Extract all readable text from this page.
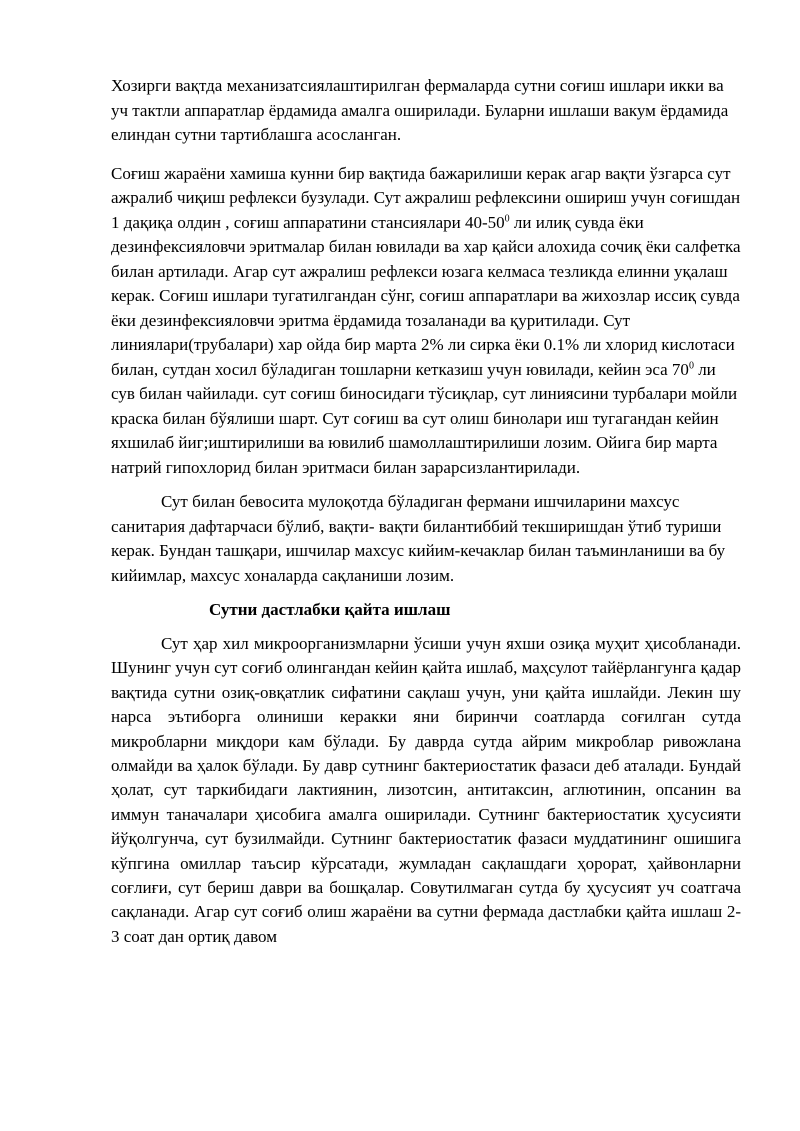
Хозирги вақтда механизатсиялаштирилган фермаларда сутни соғиш ишлари икки ва уч тактли аппаратлар ёрдамида амалга оширилади. Буларни ишлаши вакум ёрдамида елиндан сутни тартиблашга асосланган.

Соғиш жараёни хамиша кунни бир вақтида бажарилиши керак агар вақти ўзгарса сут ажралиб чиқиш рефлекси бузулади. Сут ажралиш рефлексини ошириш учун соғишдан 1 дақиқа олдин , соғиш аппаратини стансиялари $40-50^0$ ли илиқ сувда ёки дезинфексияловчи эритмалар билан ювилади ва хар қайси алохида сочиқ ёки салфетка билан артилади. Агар сут ажралиш рефлекси юзага келмаса тезликда елинни уқалаш керак. Соғиш ишлари тугатилгандан сўнг, соғиш аппаратлари ва жихозлар иссиқ сувда ёки дезинфексияловчи эритма ёрдамида тозаланади ва қуритилади. Сут линиялари(трубалари) хар ойда бир марта 2% ли сирка ёки 0.1% ли хлорид кислотаси билан, сутдан хосил бўладиган тошларни кетказиш учун ювилади, кейин эса $70^0$ ли сув билан чайилади. сут соғиш биносидаги тўсиқлар, сут линиясини турбалари мойли краска билан бўялиши шарт. Сут соғиш ва сут олиш бинолари иш тугагандан кейин яхшилаб йиг;иштирилиши ва ювилиб шамоллаштирилиши лозим. Ойига бир марта натрий гипохлорид билан эритмаси билан зарарсизлантирилади.

Сут билан бевосита мулоқотда бўладиган фермани ишчиларини махсус санитария дафтарчаси бўлиб, вақти- вақти билантиббий текширишдан ўтиб туриши керак. Бундан ташқари, ишчилар махсус кийим-кечаклар билан таъминланиши ва бу кийимлар, махсус хоналарда сақланиши лозим.

Сутни дастлабки қайта ишлаш

Сут ҳар хил микроорганизмларни ўсиши учун яхши озиқа муҳит ҳисобланади. Шунинг учун сут соғиб олингандан кейин қайта ишлаб, маҳсулот тайёрлангунга қадар вақтида сутни озиқ-овқатлик сифатини сақлаш учун, уни қайта ишлайди. Лекин шу нарса эътиборга олиниши керакки яни биринчи соатларда соғилган сутда микробларни миқдори кам бўлади. Бу даврда сутда айрим микроблар ривожлана олмайди ва ҳалок бўлади. Бу давр сутнинг бактериостатик фазаси деб аталади. Бундай ҳолат, сут таркибидаги лактиянин, лизотсин, антитаксин, аглютинин, опсанин ва иммун таначалари ҳисобига амалга оширилади. Сутнинг бактериостатик ҳусусияти йўқолгунча, сут бузилмайди. Сутнинг бактериостатик фазаси муддатининг ошишига кўпгина омиллар таъсир кўрсатади, жумладан сақлашдаги ҳорорат, ҳайвонларни соғлиғи, сут бериш даври ва бошқалар. Совутилмаган сутда бу ҳусусият уч соатгача сақланади. Агар сут соғиб олиш жараёни ва сутни фермада дастлабки қайта ишлаш 2- 3 соат дан ортиқ давом
